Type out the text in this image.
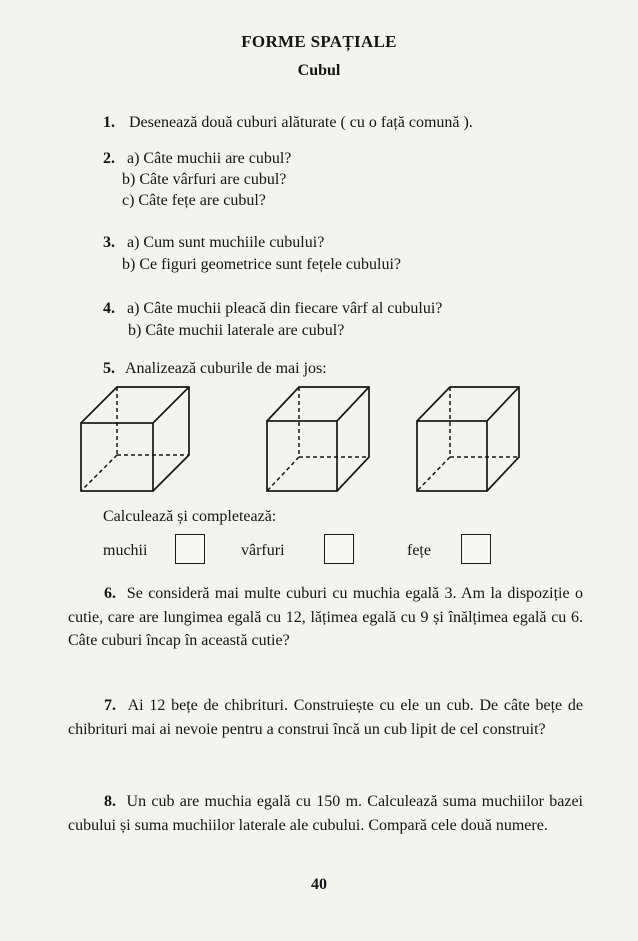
FORME SPAȚIALE
Cubul
1. Desenează două cuburi alăturate ( cu o față comună ).
2. a) Câte muchii are cubul?
b) Câte vârfuri are cubul?
c) Câte fețe are cubul?
3. a) Cum sunt muchiile cubului?
b) Ce figuri geometrice sunt fețele cubului?
4. a) Câte muchii pleacă din fiecare vârf al cubului?
b) Câte muchii laterale are cubul?
5. Analizează cuburile de mai jos:
Calculează și completează:
muchii	vârfuri	fețe
6. Se consideră mai multe cuburi cu muchia egală 3. Am la dispoziție o cutie, care are lungimea egală cu 12, lățimea egală cu 9 și înălțimea egală cu 6. Câte cuburi încap în această cutie?
7. Ai 12 bețe de chibrituri. Construiește cu ele un cub. De câte bețe de chibrituri mai ai nevoie pentru a construi încă un cub lipit de cel construit?
8. Un cub are muchia egală cu 150 m. Calculează suma muchiilor bazei cubului și suma muchiilor laterale ale cubului. Compară cele două numere.
40
